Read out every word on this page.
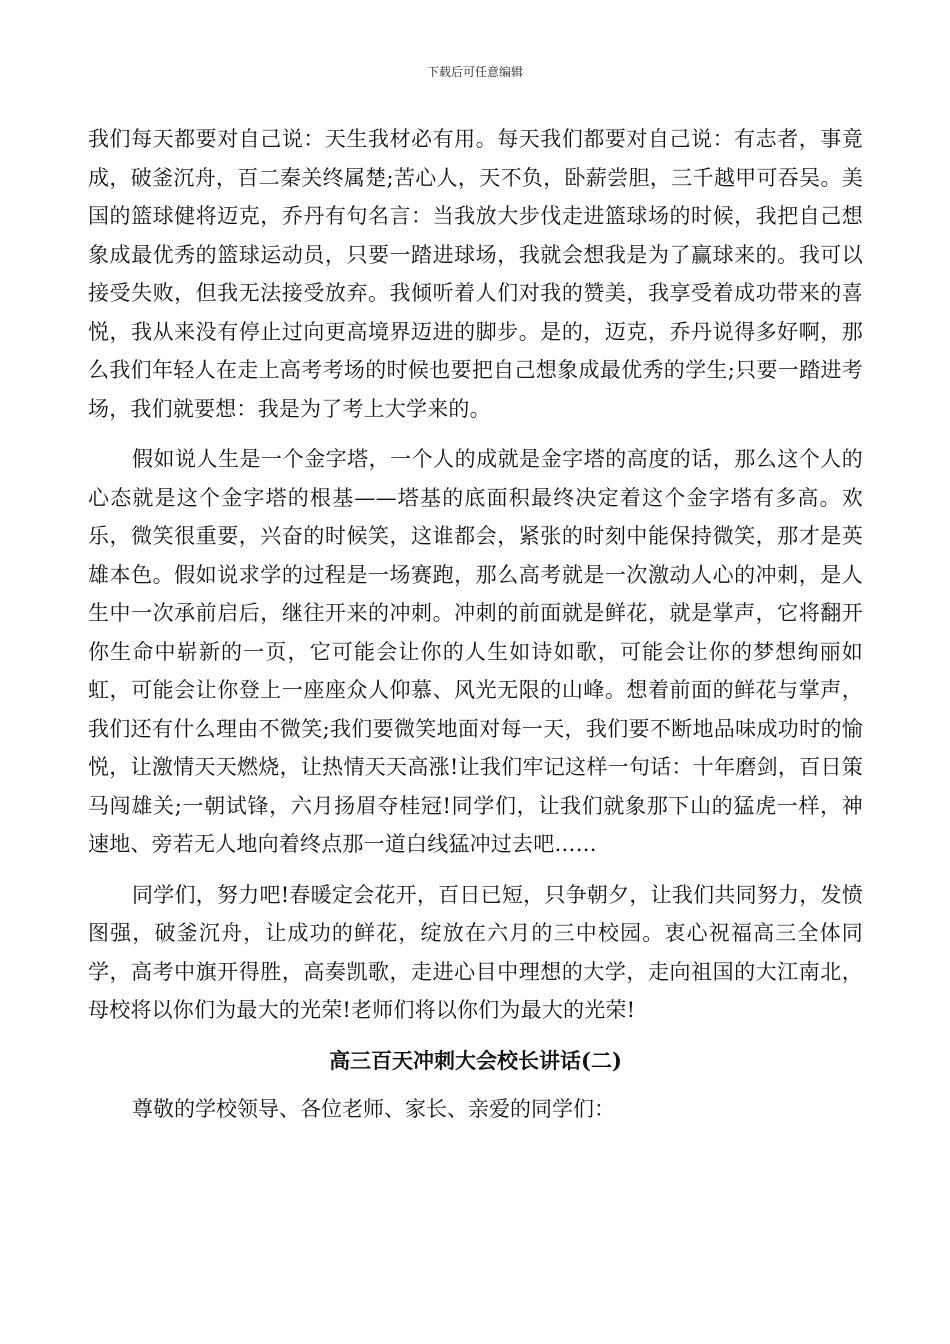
下载后可任意编辑

我们每天都要对自己说：天生我材必有用。每天我们都要对自己说：有志者，事竟成，破釜沉舟，百二秦关终属楚;苦心人，天不负，卧薪尝胆，三千越甲可吞吴。美国的篮球健将迈克，乔丹有句名言：当我放大步伐走进篮球场的时候，我把自己想象成最优秀的篮球运动员，只要一踏进球场，我就会想我是为了赢球来的。我可以接受失败，但我无法接受放弃。我倾听着人们对我的赞美，我享受着成功带来的喜悦，我从来没有停止过向更高境界迈进的脚步。是的，迈克，乔丹说得多好啊，那么我们年轻人在走上高考考场的时候也要把自己想象成最优秀的学生;只要一踏进考场，我们就要想：我是为了考上大学来的。

假如说人生是一个金字塔，一个人的成就是金字塔的高度的话，那么这个人的心态就是这个金字塔的根基——塔基的底面积最终决定着这个金字塔有多高。欢乐，微笑很重要，兴奋的时候笑，这谁都会，紧张的时刻中能保持微笑，那才是英雄本色。假如说求学的过程是一场赛跑，那么高考就是一次激动人心的冲刺，是人生中一次承前启后，继往开来的冲刺。冲刺的前面就是鲜花，就是掌声，它将翻开你生命中崭新的一页，它可能会让你的人生如诗如歌，可能会让你的梦想绚丽如虹，可能会让你登上一座座众人仰慕、风光无限的山峰。想着前面的鲜花与掌声，我们还有什么理由不微笑;我们要微笑地面对每一天，我们要不断地品味成功时的愉悦，让激情天天燃烧，让热情天天高涨!让我们牢记这样一句话：十年磨剑，百日策马闯雄关;一朝试锋，六月扬眉夺桂冠!同学们，让我们就象那下山的猛虎一样，神速地、旁若无人地向着终点那一道白线猛冲过去吧……

同学们，努力吧!春暖定会花开，百日已短，只争朝夕，让我们共同努力，发愤图强，破釜沉舟，让成功的鲜花，绽放在六月的三中校园。衷心祝福高三全体同学，高考中旗开得胜，高奏凯歌，走进心目中理想的大学，走向祖国的大江南北，母校将以你们为最大的光荣!老师们将以你们为最大的光荣!

高三百天冲刺大会校长讲话(二)

尊敬的学校领导、各位老师、家长、亲爱的同学们：
